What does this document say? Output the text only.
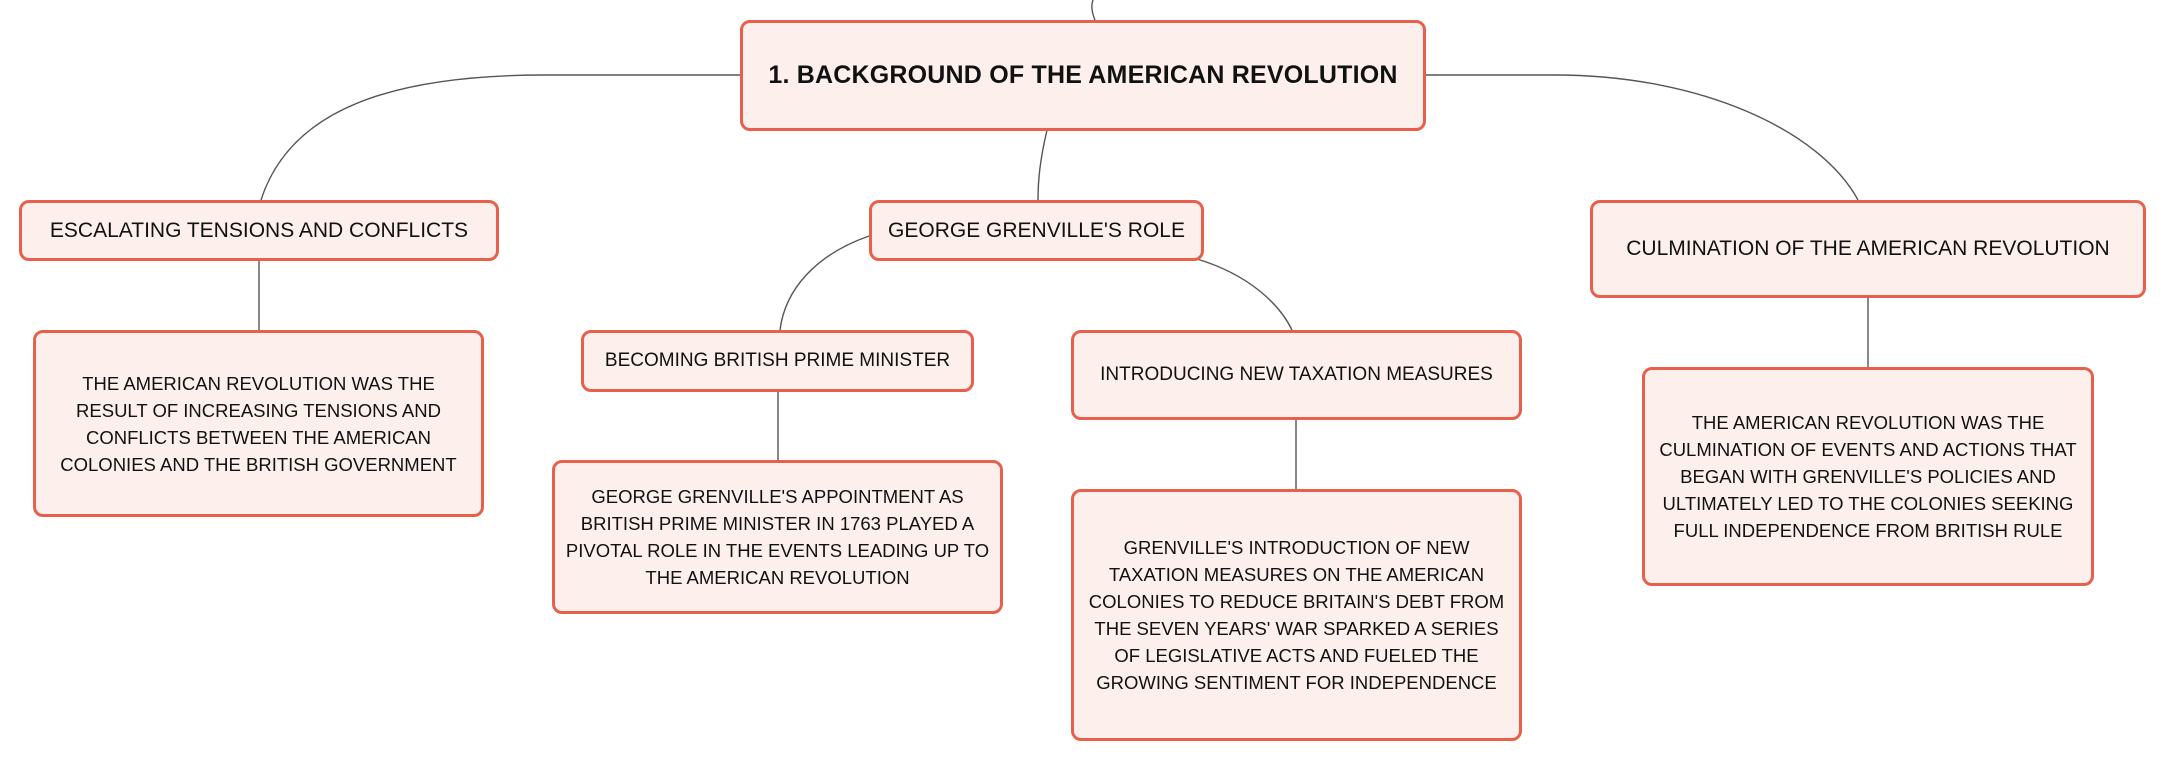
1. BACKGROUND OF THE AMERICAN REVOLUTION
ESCALATING TENSIONS AND CONFLICTS
THE AMERICAN REVOLUTION WAS THE RESULT OF INCREASING TENSIONS AND CONFLICTS BETWEEN THE AMERICAN COLONIES AND THE BRITISH GOVERNMENT
GEORGE GRENVILLE'S ROLE
BECOMING BRITISH PRIME MINISTER
GEORGE GRENVILLE'S APPOINTMENT AS BRITISH PRIME MINISTER IN 1763 PLAYED A PIVOTAL ROLE IN THE EVENTS LEADING UP TO THE AMERICAN REVOLUTION
INTRODUCING NEW TAXATION MEASURES
GRENVILLE'S INTRODUCTION OF NEW TAXATION MEASURES ON THE AMERICAN COLONIES TO REDUCE BRITAIN'S DEBT FROM THE SEVEN YEARS' WAR SPARKED A SERIES OF LEGISLATIVE ACTS AND FUELED THE GROWING SENTIMENT FOR INDEPENDENCE
CULMINATION OF THE AMERICAN REVOLUTION
THE AMERICAN REVOLUTION WAS THE CULMINATION OF EVENTS AND ACTIONS THAT BEGAN WITH GRENVILLE'S POLICIES AND ULTIMATELY LED TO THE COLONIES SEEKING FULL INDEPENDENCE FROM BRITISH RULE
